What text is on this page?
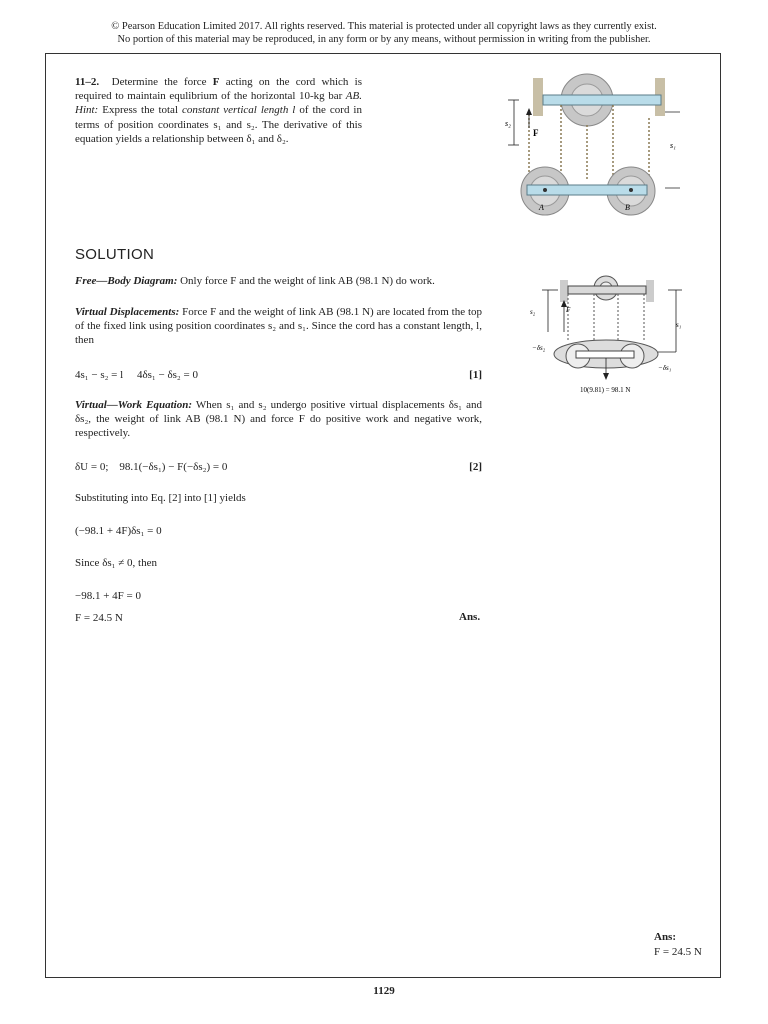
© Pearson Education Limited 2017. All rights reserved. This material is protected under all copyright laws as they currently exist.
No portion of this material may be reproduced, in any form or by any means, without permission in writing from the publisher.
11–2. Determine the force F acting on the cord which is required to maintain equlibrium of the horizontal 10-kg bar AB. Hint: Express the total constant vertical length l of the cord in terms of position coordinates s₁ and s₂. The derivative of this equation yields a relationship between δ₁ and δ₂.
s₂
F
s₁
A	B
SOLUTION
Free—Body Diagram: Only force F and the weight of link AB (98.1 N) do work.
Virtual Displacements: Force F and the weight of link AB (98.1 N) are located from the top of the fixed link using position coordinates s₂ and s₁. Since the cord has a constant length, l, then
4s₁ − s₂ = l     4δs₁ − δs₂ = 0	[1]
Virtual—Work Equation: When s₁ and s₂ undergo positive virtual displacements δs₁ and δs₂, the weight of link AB (98.1 N) and force F do positive work and negative work, respectively.
δU = 0;    98.1(−δs₁) − F(−δs₂) = 0	[2]
Substituting into Eq. [2] into [1] yields
(−98.1 + 4F)δs₁ = 0
Since δs₁ ≠ 0, then
−98.1 + 4F = 0
F = 24.5 N	Ans.
s₂	F
s₁
−δs₂
−δs₁
10(9.81) = 98.1 N
Ans:
F = 24.5 N
1129
